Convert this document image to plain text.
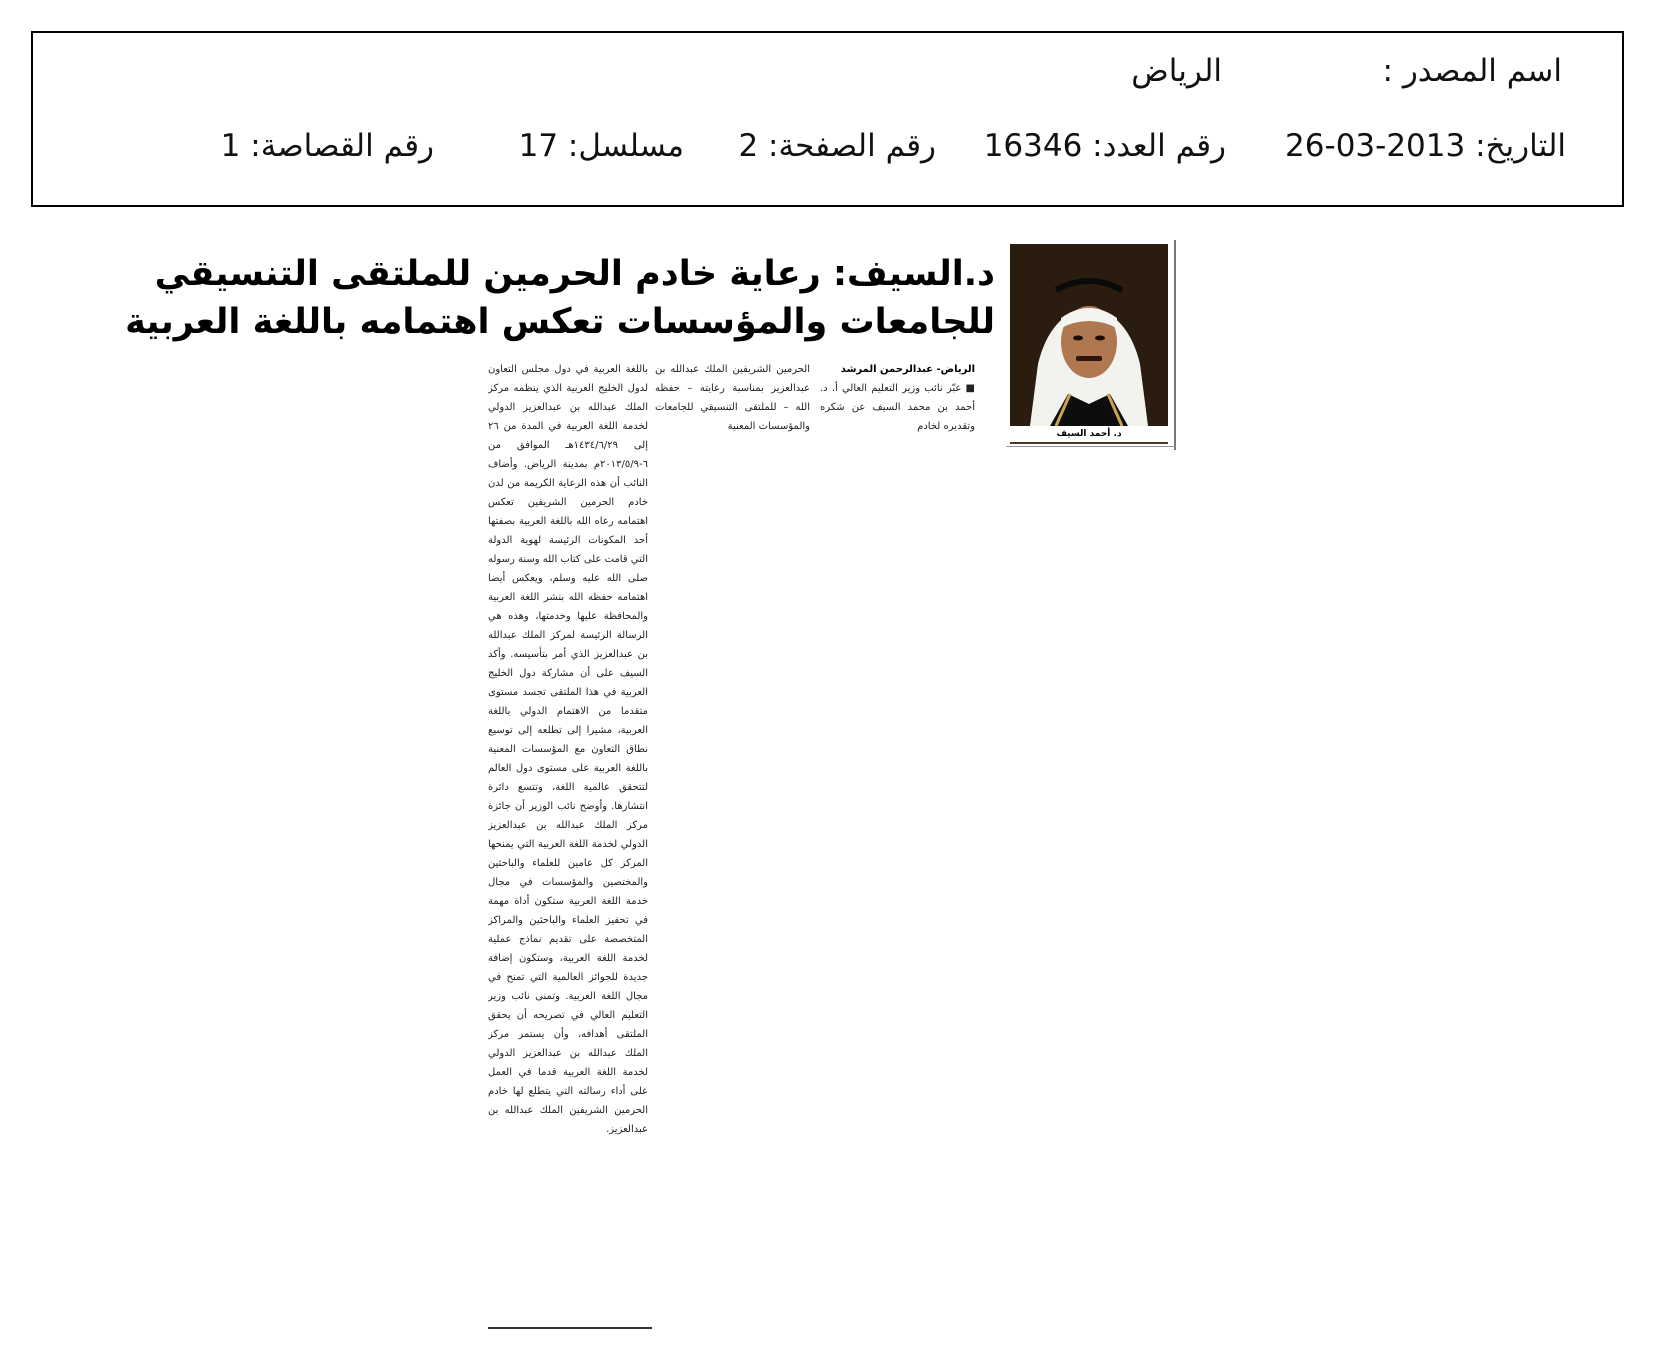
اسم المصدر :
الرياض
التاريخ: 2013-03-26
رقم العدد: 16346
رقم الصفحة: 2
مسلسل: 17
رقم القصاصة: 1
د. أحمد السيف
د.السيف: رعاية خادم الحرمين للملتقى التنسيقي
للجامعات والمؤسسات تعكس اهتمامه باللغة العربية
الرياض- عبدالرحمن المرشد
■ عبّر نائب وزير التعليم العالي أ. د. أحمد بن محمد السيف عن شكره وتقديره لخادم
الحرمين الشريفين الملك عبدالله بن عبدالعزيز بمناسبة رعايته – حفظه الله – للملتقى التنسيقي للجامعات والمؤسسات المعنية
باللغة العربية في دول مجلس التعاون لدول الخليج العربية الذي ينظمه مركز الملك عبدالله بن عبدالعزيز الدولي لخدمة اللغة العربية في المدة من ٢٦ إلى ١٤٣٤/٦/٢٩هـ الموافق من ٦-٢٠١٣/٥/٩م بمدينة الرياض. وأضاف النائب أن هذه الرعاية الكريمة من لدن خادم الحرمين الشريفين تعكس اهتمامه رعاه الله باللغة العربية بصفتها أحد المكونات الرئيسة لهوية الدولة التي قامت على كتاب الله وسنة رسوله صلى الله عليه وسلم، ويعكس أيضا اهتمامه حفظه الله بنشر اللغة العربية والمحافظة عليها وخدمتها، وهذه هي الرسالة الرئيسة لمركز الملك عبدالله بن عبدالعزيز الذي أمر بتأسيسه. وأكد السيف على أن مشاركة دول الخليج العربية في هذا الملتقى تجسد مستوى متقدما من الاهتمام الدولي باللغة العربية، مشيرا إلى تطلعه إلى توسيع نطاق التعاون مع المؤسسات المعنية باللغة العربية على مستوى دول العالم لتتحقق عالمية اللغة، وتتسع دائرة انتشارها. وأوضح نائب الوزير أن جائزة مركز الملك عبدالله بن عبدالعزيز الدولي لخدمة اللغة العربية التي يمنحها المركز كل عامين للعلماء والباحثين والمختصين والمؤسسات في مجال خدمة اللغة العربية ستكون أداة مهمة في تحفيز العلماء والباحثين والمراكز المتخصصة على تقديم نماذج عملية لخدمة اللغة العربية، وستكون إضافة جديدة للجوائز العالمية التي تمنح في مجال اللغة العربية. وتمنى نائب وزير التعليم العالي في تصريحه أن يحقق الملتقى أهدافه، وأن يستمر مركز الملك عبدالله بن عبدالعزيز الدولي لخدمة اللغة العربية قدما في العمل على أداء رسالته التي يتطلع لها خادم الحرمين الشريفين الملك عبدالله بن عبدالعزيز.
